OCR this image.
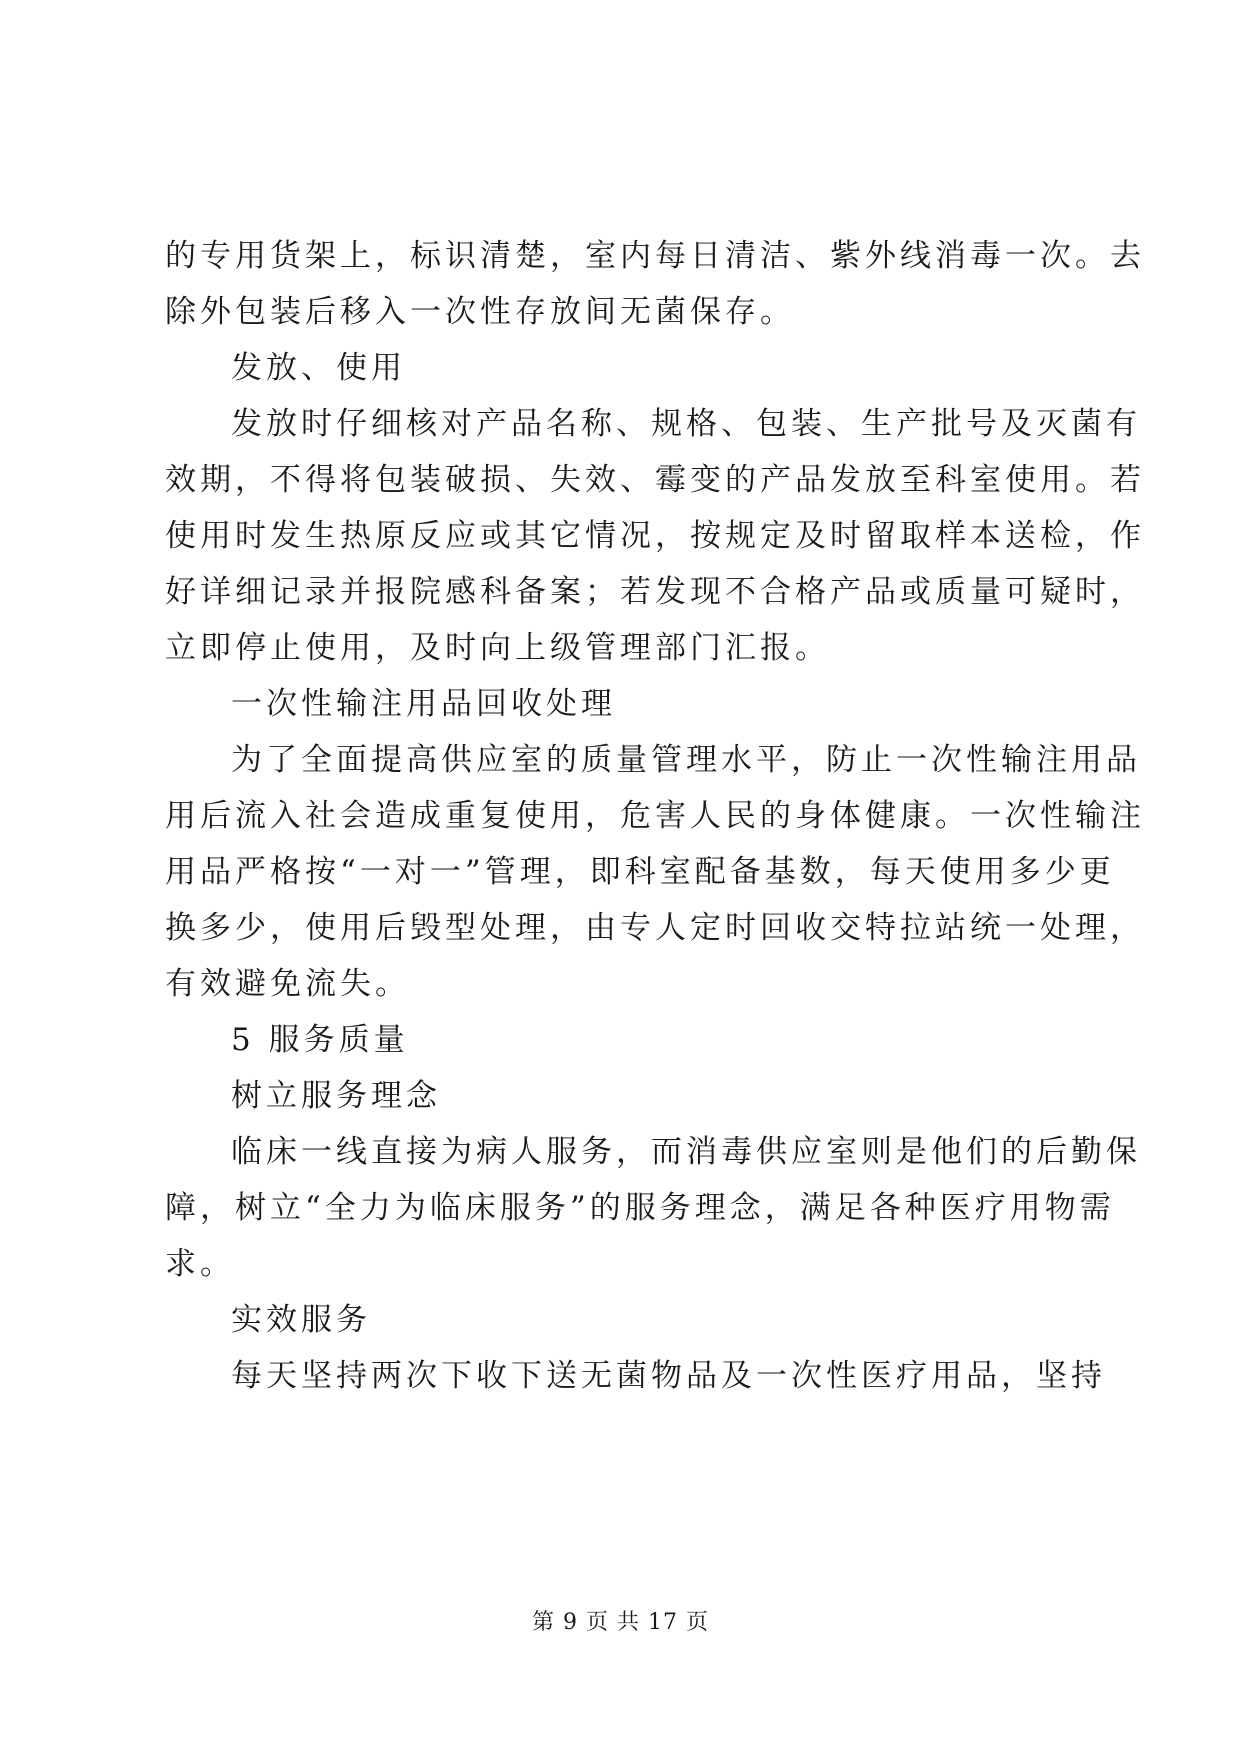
的专用货架上，标识清楚，室内每日清洁、紫外线消毒一次。去
除外包装后移入一次性存放间无菌保存。

发放、使用

发放时仔细核对产品名称、规格、包装、生产批号及灭菌有
效期，不得将包装破损、失效、霉变的产品发放至科室使用。若
使用时发生热原反应或其它情况，按规定及时留取样本送检，作
好详细记录并报院感科备案；若发现不合格产品或质量可疑时，
立即停止使用，及时向上级管理部门汇报。

一次性输注用品回收处理

为了全面提高供应室的质量管理水平，防止一次性输注用品
用后流入社会造成重复使用，危害人民的身体健康。一次性输注
用品严格按“一对一”管理，即科室配备基数，每天使用多少更
换多少，使用后毁型处理，由专人定时回收交特拉站统一处理，
有效避免流失。

5 服务质量

树立服务理念

临床一线直接为病人服务，而消毒供应室则是他们的后勤保
障，树立“全力为临床服务”的服务理念，满足各种医疗用物需
求。

实效服务

每天坚持两次下收下送无菌物品及一次性医疗用品，坚持

第 9 页 共 17 页
